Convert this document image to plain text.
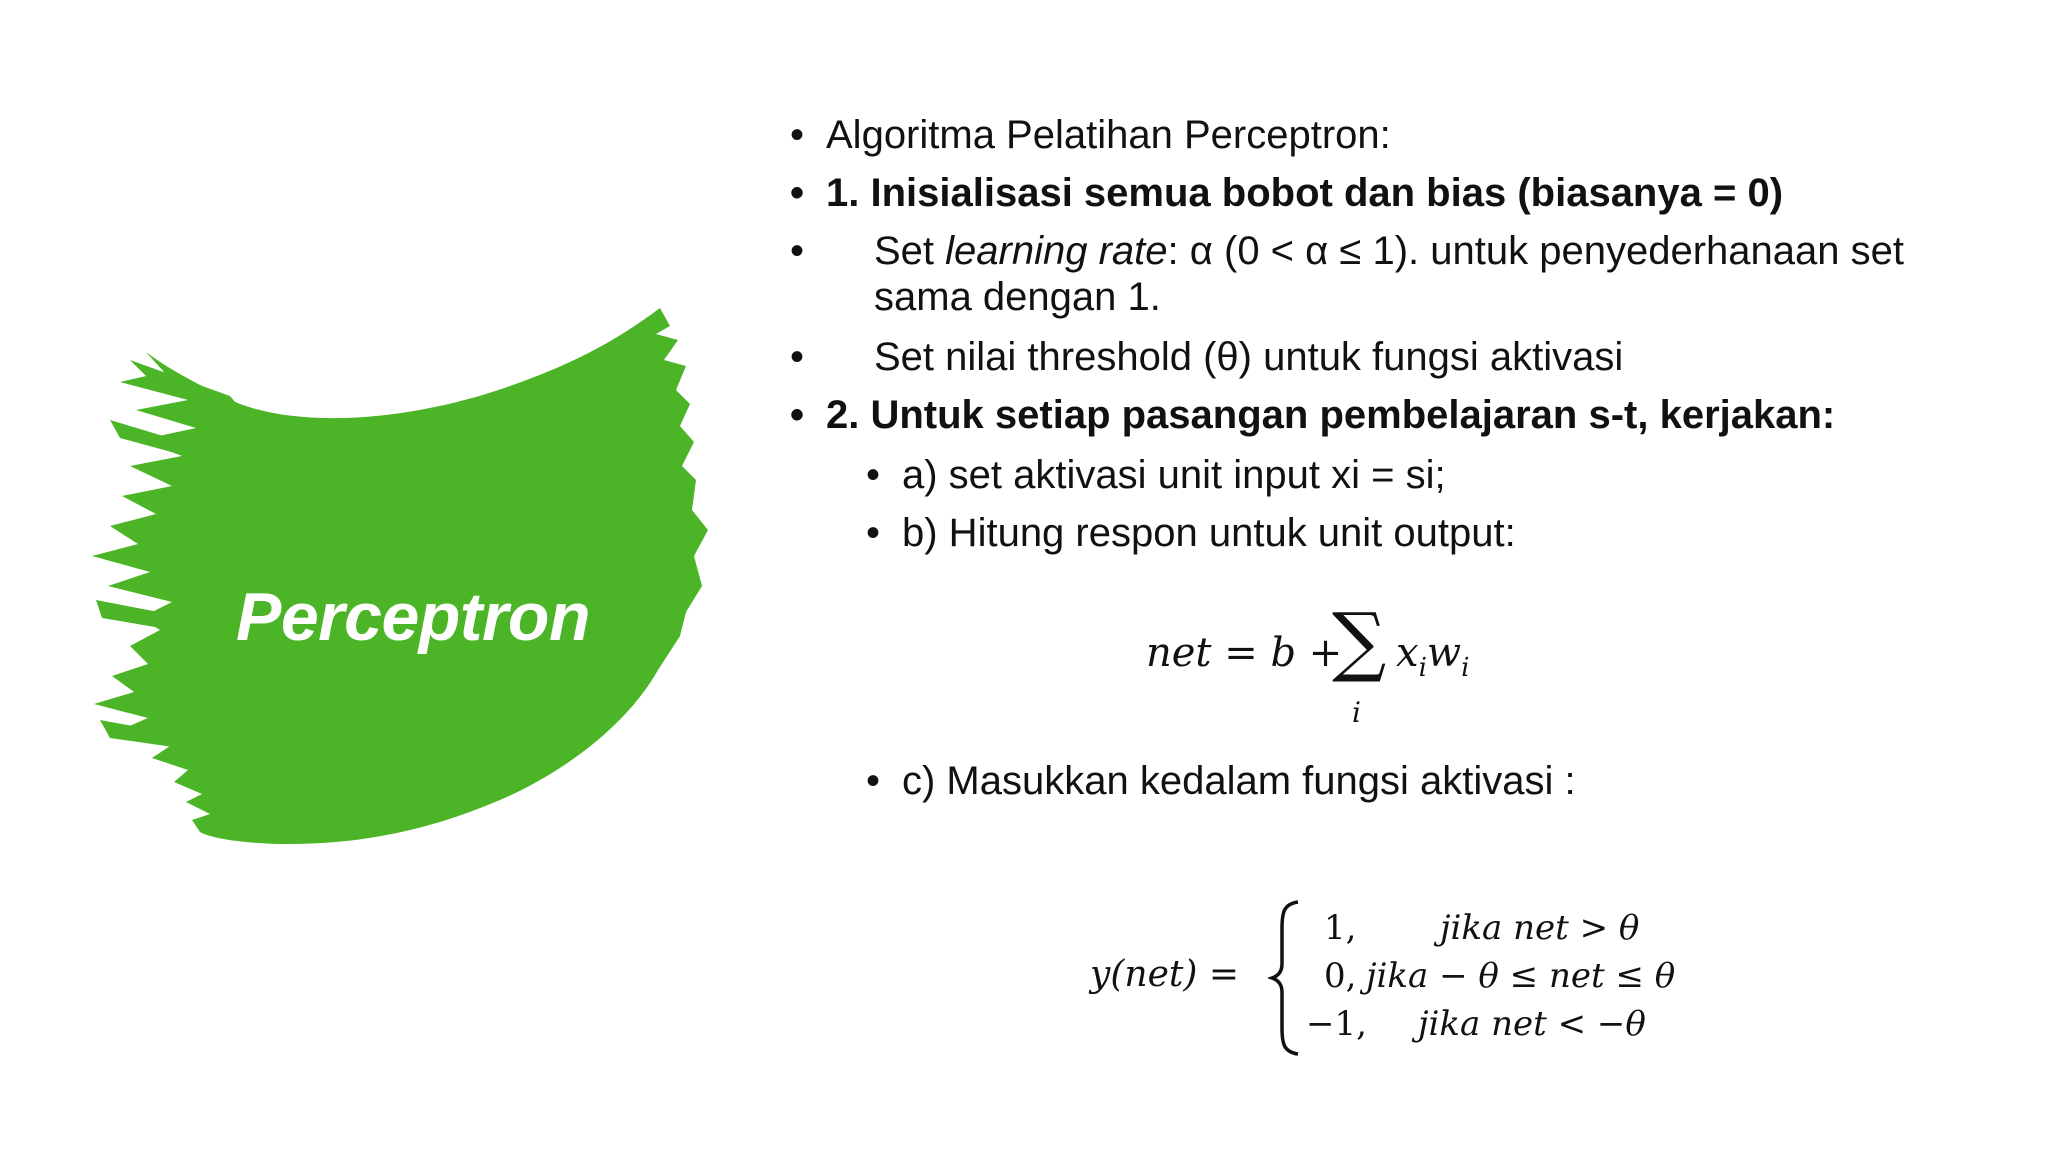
Perceptron
• Algoritma Pelatihan Perceptron:
• 1. Inisialisasi semua bobot dan bias (biasanya = 0)
• Set learning rate: α (0 < α ≤ 1). untuk penyederhanaan set
sama dengan 1.
• Set nilai threshold (θ) untuk fungsi aktivasi
• 2. Untuk setiap pasangan pembelajaran s-t, kerjakan:
• a) set aktivasi unit input xi = si;
• b) Hitung respon untuk unit output:
net = b +
∑
i
$x_iw_i$
• c) Masukkan kedalam fungsi aktivasi :
y(net) =
1,
0,
−1,
jika net > θ
jika − θ ≤ net ≤ θ
jika net < −θ
